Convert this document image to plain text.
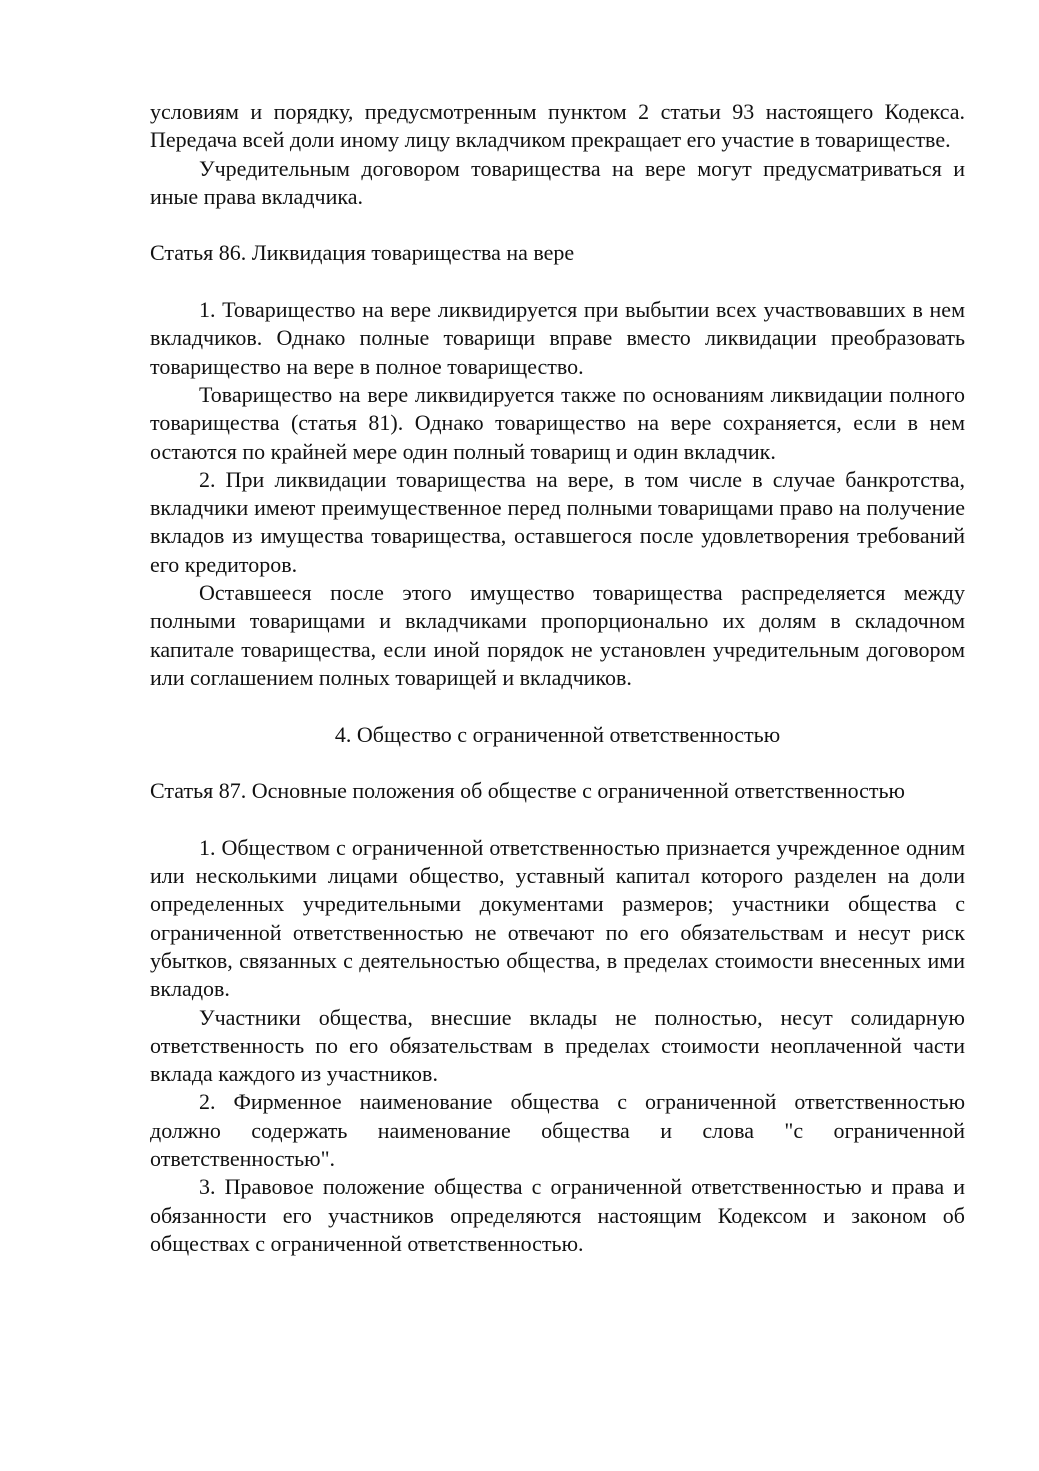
условиям и порядку, предусмотренным пунктом 2 статьи 93 настоящего Кодекса. Передача всей доли иному лицу вкладчиком прекращает его участие в товариществе.

Учредительным договором товарищества на вере могут предусматриваться и иные права вкладчика.

Статья 86. Ликвидация товарищества на вере

1. Товарищество на вере ликвидируется при выбытии всех участвовавших в нем вкладчиков. Однако полные товарищи вправе вместо ликвидации преобразовать товарищество на вере в полное товарищество.

Товарищество на вере ликвидируется также по основаниям ликвидации полного товарищества (статья 81). Однако товарищество на вере сохраняется, если в нем остаются по крайней мере один полный товарищ и один вкладчик.

2. При ликвидации товарищества на вере, в том числе в случае банкротства, вкладчики имеют преимущественное перед полными товарищами право на получение вкладов из имущества товарищества, оставшегося после удовлетворения требований его кредиторов.

Оставшееся после этого имущество товарищества распределяется между полными товарищами и вкладчиками пропорционально их долям в складочном капитале товарищества, если иной порядок не установлен учредительным договором или соглашением полных товарищей и вкладчиков.

4. Общество с ограниченной ответственностью

Статья 87. Основные положения об обществе с ограниченной ответственностью

1. Обществом с ограниченной ответственностью признается учрежденное одним или несколькими лицами общество, уставный капитал которого разделен на доли определенных учредительными документами размеров; участники общества с ограниченной ответственностью не отвечают по его обязательствам и несут риск убытков, связанных с деятельностью общества, в пределах стоимости внесенных ими вкладов.

Участники общества, внесшие вклады не полностью, несут солидарную ответственность по его обязательствам в пределах стоимости неоплаченной части вклада каждого из участников.

2. Фирменное наименование общества с ограниченной ответственностью должно содержать наименование общества и слова "с ограниченной ответственностью".

3. Правовое положение общества с ограниченной ответственностью и права и обязанности его участников определяются настоящим Кодексом и законом об обществах с ограниченной ответственностью.
